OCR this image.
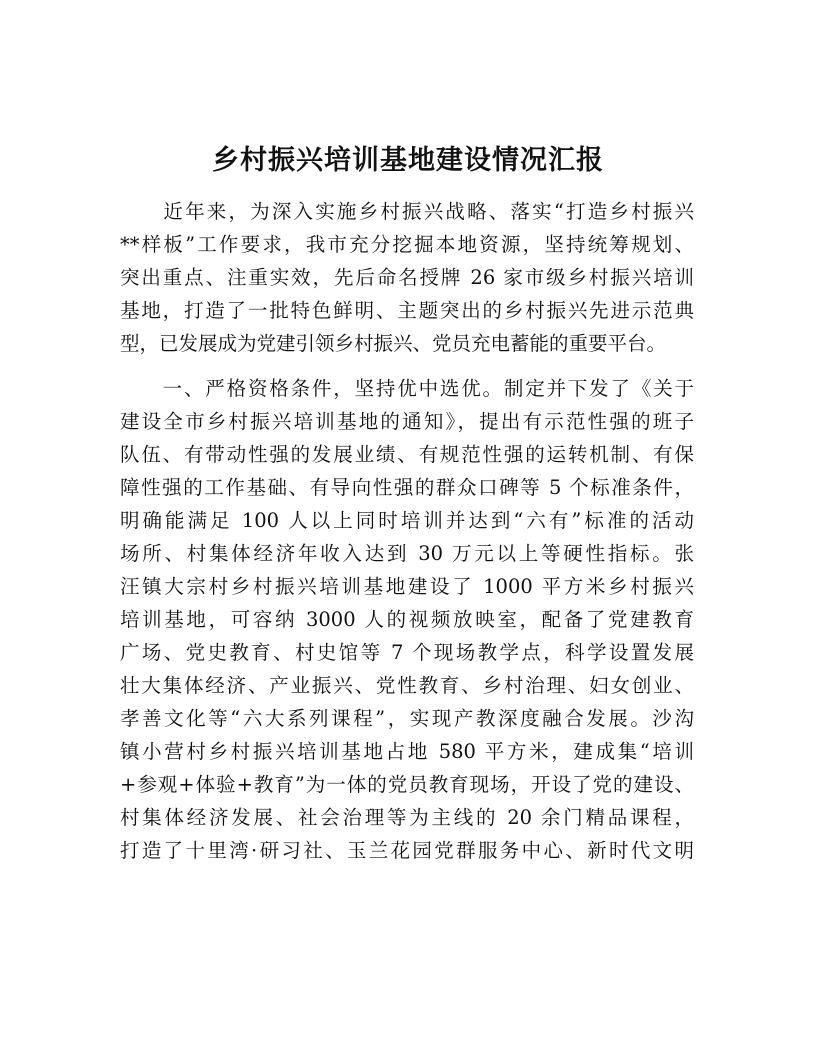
乡村振兴培训基地建设情况汇报
　　近年来，为深入实施乡村振兴战略、落实“打造乡村振兴
**样板”工作要求，我市充分挖掘本地资源，坚持统筹规划、
突出重点、注重实效，先后命名授牌 26 家市级乡村振兴培训
基地，打造了一批特色鲜明、主题突出的乡村振兴先进示范典
型，已发展成为党建引领乡村振兴、党员充电蓄能的重要平台。
　　一、严格资格条件，坚持优中选优。制定并下发了《关于
建设全市乡村振兴培训基地的通知》，提出有示范性强的班子
队伍、有带动性强的发展业绩、有规范性强的运转机制、有保
障性强的工作基础、有导向性强的群众口碑等 5 个标准条件，
明确能满足 100 人以上同时培训并达到“六有”标准的活动
场所、村集体经济年收入达到 30 万元以上等硬性指标。张
汪镇大宗村乡村振兴培训基地建设了 1000 平方米乡村振兴
培训基地，可容纳 3000 人的视频放映室，配备了党建教育
广场、党史教育、村史馆等 7 个现场教学点，科学设置发展
壮大集体经济、产业振兴、党性教育、乡村治理、妇女创业、
孝善文化等“六大系列课程”，实现产教深度融合发展。沙沟
镇小营村乡村振兴培训基地占地 580 平方米，建成集“培训
+参观+体验+教育”为一体的党员教育现场，开设了党的建设、
村集体经济发展、社会治理等为主线的 20 余门精品课程，
打造了十里湾·研习社、玉兰花园党群服务中心、新时代文明
